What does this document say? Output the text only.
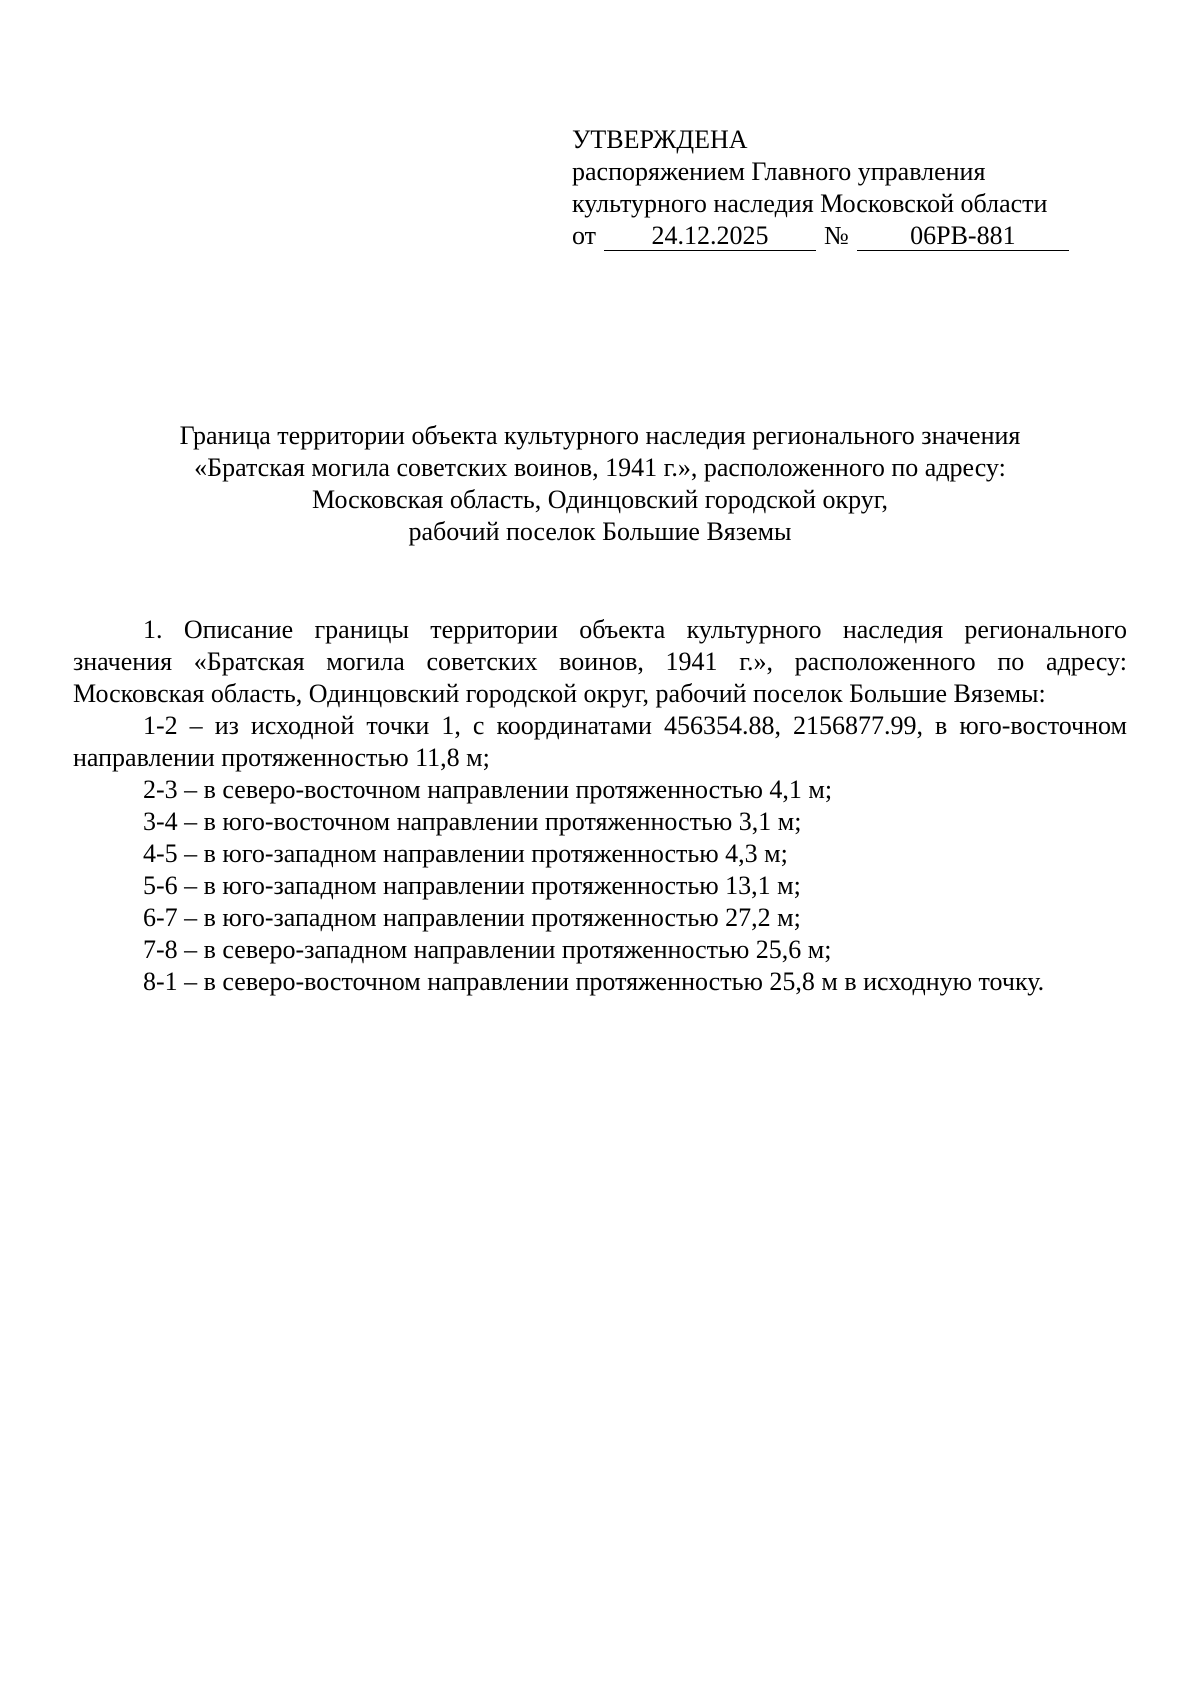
УТВЕРЖДЕНА
распоряжением Главного управления
культурного наследия Московской области
от	24.12.2025	№	06РВ-881
Граница территории объекта культурного наследия регионального значения
«Братская могила советских воинов, 1941 г.», расположенного по адресу:
Московская область, Одинцовский городской округ,
рабочий поселок Большие Вяземы

1. Описание границы территории объекта культурного наследия регионального значения «Братская могила советских воинов, 1941 г.», расположенного по адресу: Московская область, Одинцовский городской округ, рабочий поселок Большие Вяземы:

1-2 – из исходной точки 1, с координатами 456354.88, 2156877.99, в юго-восточном направлении протяженностью 11,8 м;

2-3 – в северо-восточном направлении протяженностью 4,1 м;

3-4 – в юго-восточном направлении протяженностью 3,1 м;

4-5 – в юго-западном направлении протяженностью 4,3 м;

5-6 – в юго-западном направлении протяженностью 13,1 м;

6-7 – в юго-западном направлении протяженностью 27,2 м;

7-8 – в северо-западном направлении протяженностью 25,6 м;

8-1 – в северо-восточном направлении протяженностью 25,8 м в исходную точку.
